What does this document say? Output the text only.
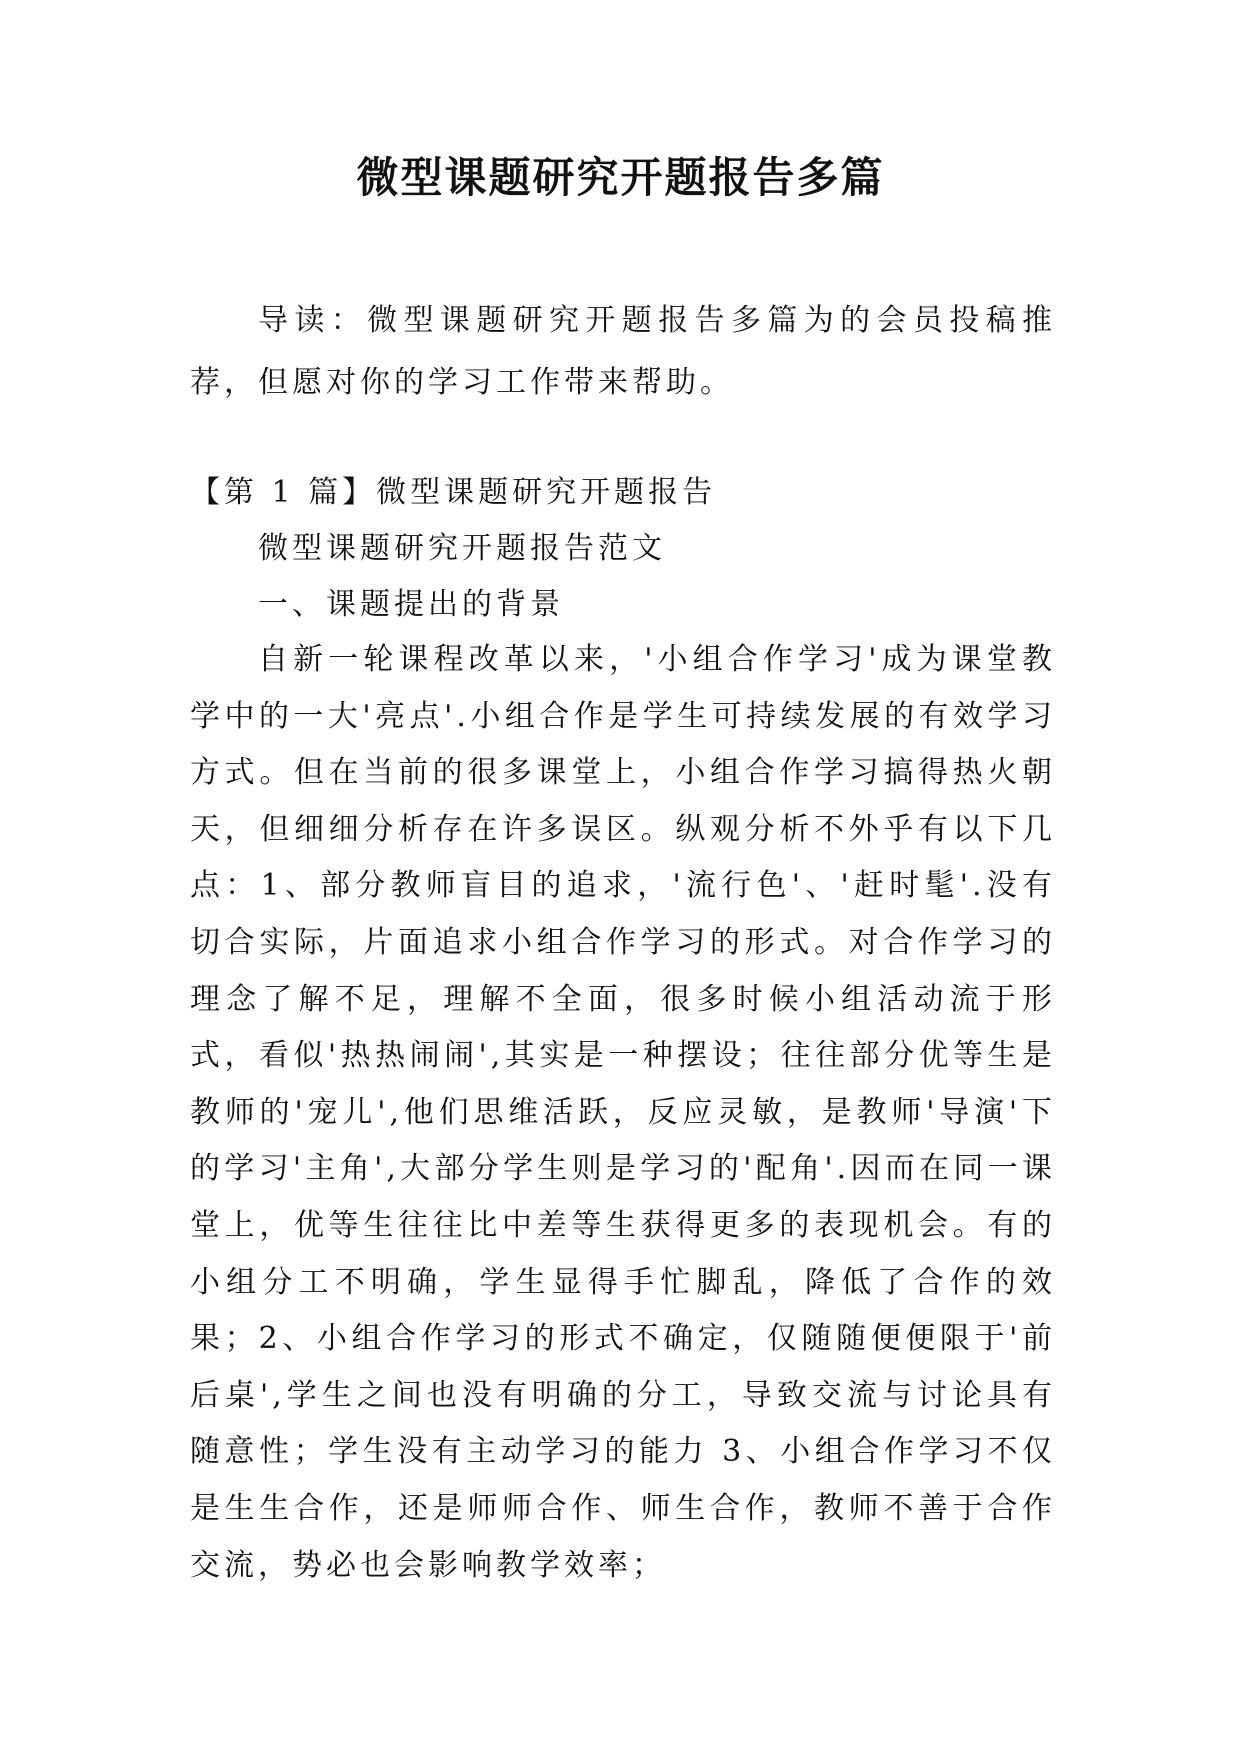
微型课题研究开题报告多篇

导读：微型课题研究开题报告多篇为的会员投稿推荐，但愿对你的学习工作带来帮助。

【第 1 篇】微型课题研究开题报告

微型课题研究开题报告范文

一、课题提出的背景

自新一轮课程改革以来，'小组合作学习'成为课堂教学中的一大'亮点'.小组合作是学生可持续发展的有效学习方式。但在当前的很多课堂上，小组合作学习搞得热火朝天，但细细分析存在许多误区。纵观分析不外乎有以下几点：1、部分教师盲目的追求，'流行色'、'赶时髦'.没有切合实际，片面追求小组合作学习的形式。对合作学习的理念了解不足，理解不全面，很多时候小组活动流于形式，看似'热热闹闹',其实是一种摆设；往往部分优等生是教师的'宠儿',他们思维活跃，反应灵敏，是教师'导演'下的学习'主角',大部分学生则是学习的'配角'.因而在同一课堂上，优等生往往比中差等生获得更多的表现机会。有的小组分工不明确，学生显得手忙脚乱，降低了合作的效果；2、小组合作学习的形式不确定，仅随随便便限于'前后桌',学生之间也没有明确的分工，导致交流与讨论具有随意性；学生没有主动学习的能力 3、小组合作学习不仅是生生合作，还是师师合作、师生合作，教师不善于合作交流，势必也会影响教学效率；
